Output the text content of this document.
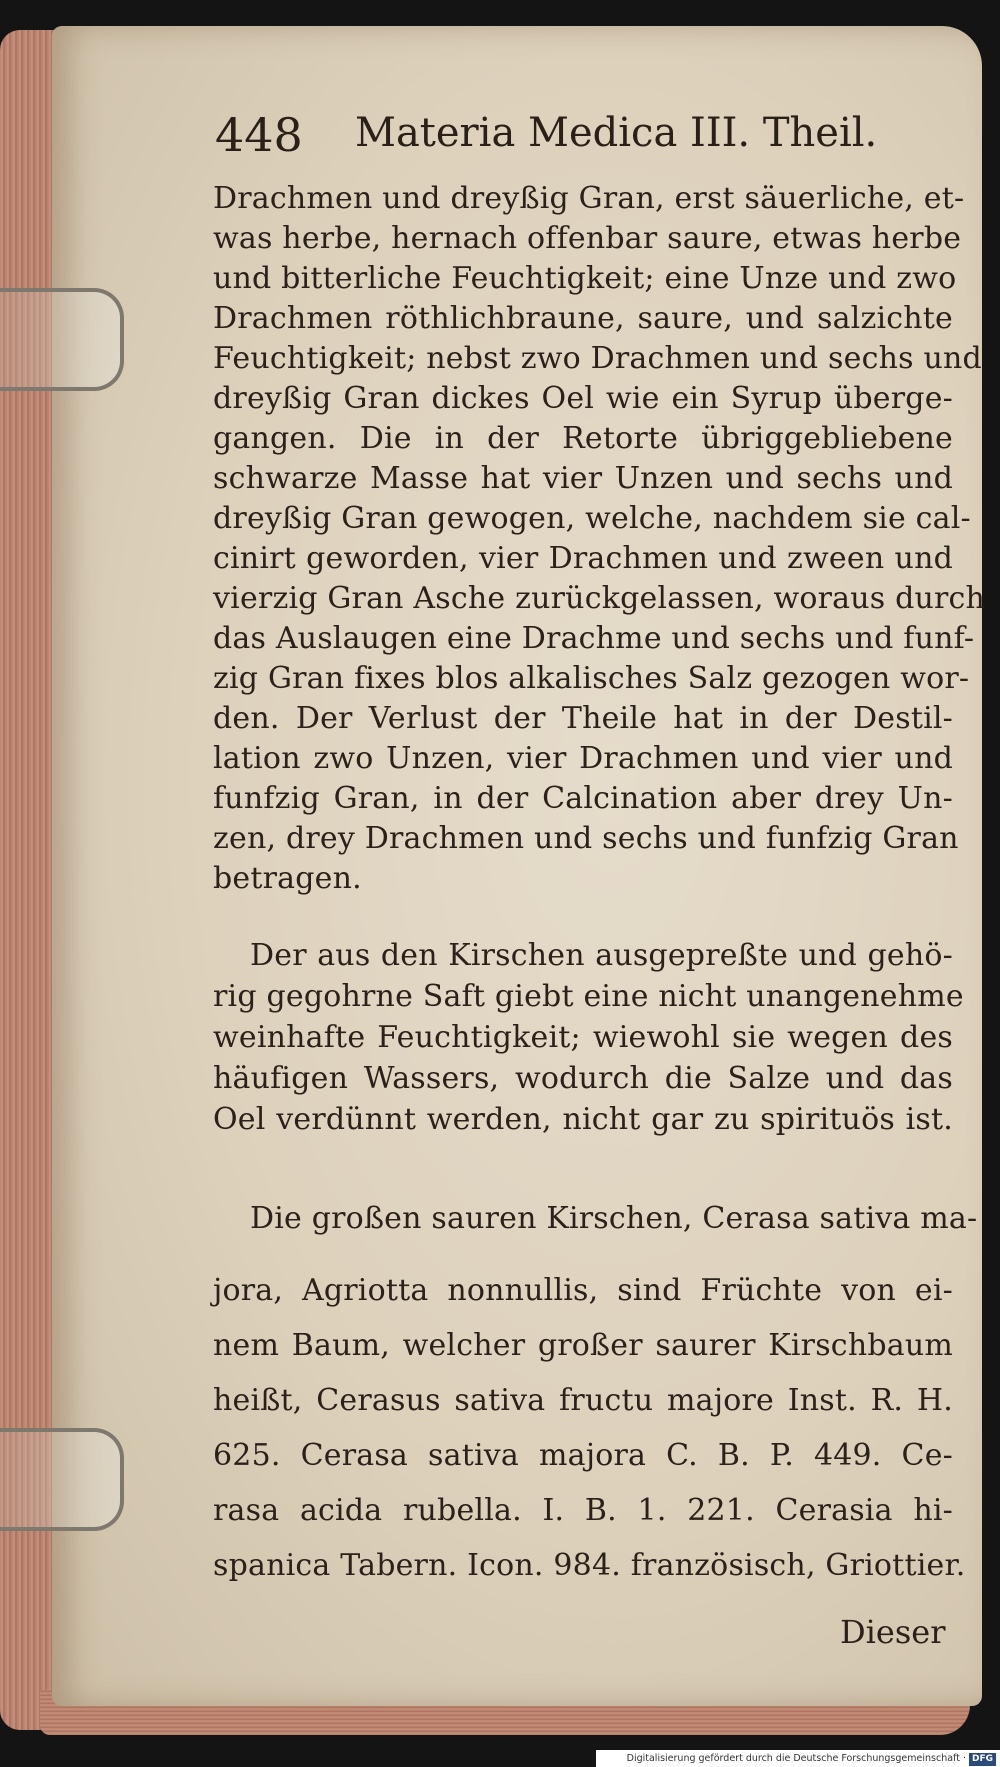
448 Materia Medica III. Theil.
Drachmen und dreyßig Gran, erst säuerliche, et-
was herbe, hernach offenbar saure, etwas herbe
und bitterliche Feuchtigkeit; eine Unze und zwo
Drachmen röthlichbraune, saure, und salzichte
Feuchtigkeit; nebst zwo Drachmen und sechs und
dreyßig Gran dickes Oel wie ein Syrup überge-
gangen. Die in der Retorte übriggebliebene
schwarze Masse hat vier Unzen und sechs und
dreyßig Gran gewogen, welche, nachdem sie cal-
cinirt geworden, vier Drachmen und zween und
vierzig Gran Asche zurückgelassen, woraus durch
das Auslaugen eine Drachme und sechs und funf-
zig Gran fixes blos alkalisches Salz gezogen wor-
den. Der Verlust der Theile hat in der Destil-
lation zwo Unzen, vier Drachmen und vier und
funfzig Gran, in der Calcination aber drey Un-
zen, drey Drachmen und sechs und funfzig Gran
betragen.
Der aus den Kirschen ausgepreßte und gehö-
rig gegohrne Saft giebt eine nicht unangenehme
weinhafte Feuchtigkeit; wiewohl sie wegen des
häufigen Wassers, wodurch die Salze und das
Oel verdünnt werden, nicht gar zu spirituös ist.
Die großen sauren Kirschen, Cerasa sativa ma-
jora, Agriotta nonnullis, sind Früchte von ei-
nem Baum, welcher großer saurer Kirschbaum
heißt, Cerasus sativa fructu majore Inst. R. H.
625. Cerasa sativa majora C. B. P. 449. Ce-
rasa acida rubella. I. B. 1. 221. Cerasia hi-
spanica Tabern. Icon. 984. französisch, Griottier.
Dieser
Digitalisierung gefördert durch die Deutsche Forschungsgemeinschaft · DFG
